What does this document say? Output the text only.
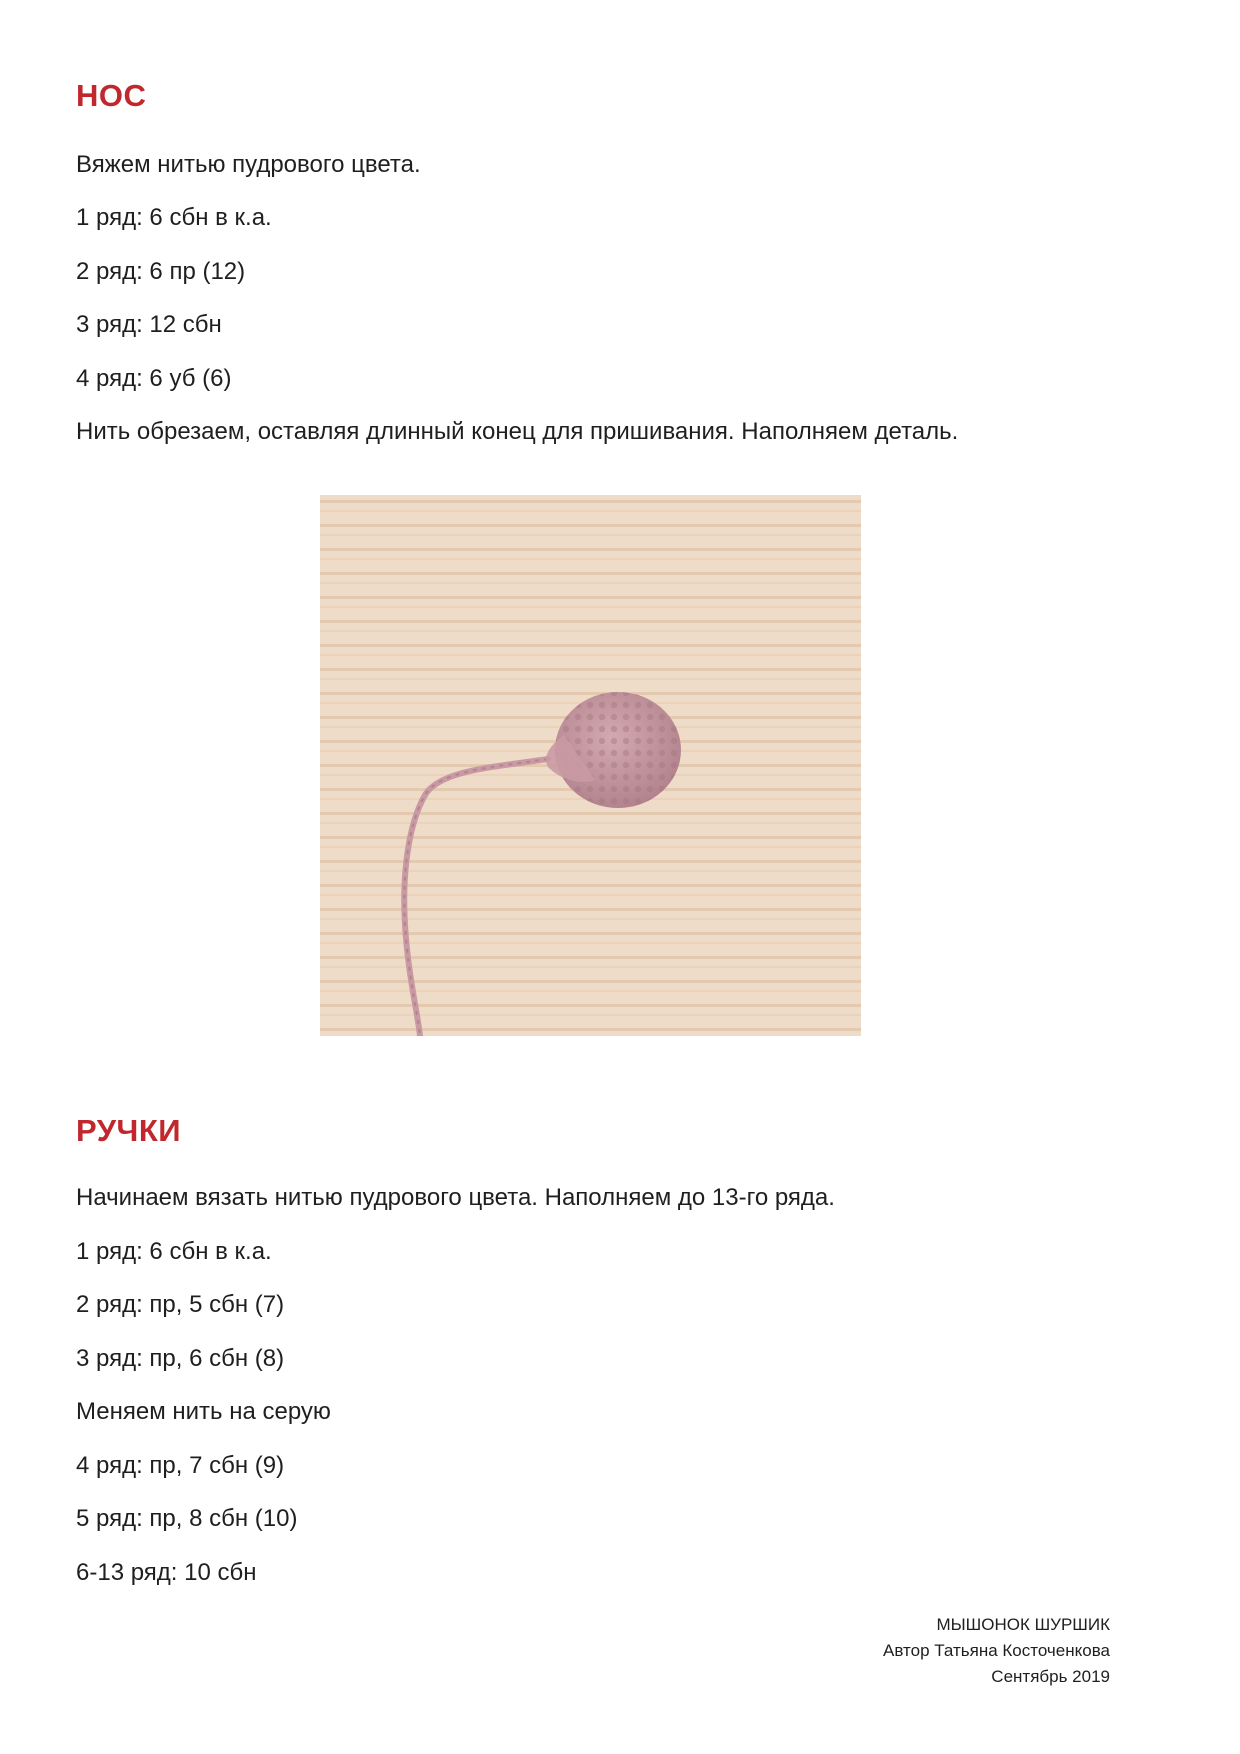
НОС

Вяжем нитью пудрового цвета.

1 ряд: 6 сбн в к.а.

2 ряд: 6 пр (12)

3 ряд: 12 сбн

4 ряд: 6 уб (6)

Нить обрезаем, оставляя длинный конец для пришивания. Наполняем деталь.

РУЧКИ

Начинаем вязать нитью пудрового цвета. Наполняем до 13-го ряда.

1 ряд: 6 сбн в к.а.

2 ряд: пр, 5 сбн (7)

3 ряд: пр, 6 сбн (8)

Меняем нить на серую

4 ряд: пр, 7 сбн (9)

5 ряд: пр, 8 сбн (10)

6-13 ряд: 10 сбн

МЫШОНОК ШУРШИК
Автор Татьяна Косточенкова
Сентябрь 2019
